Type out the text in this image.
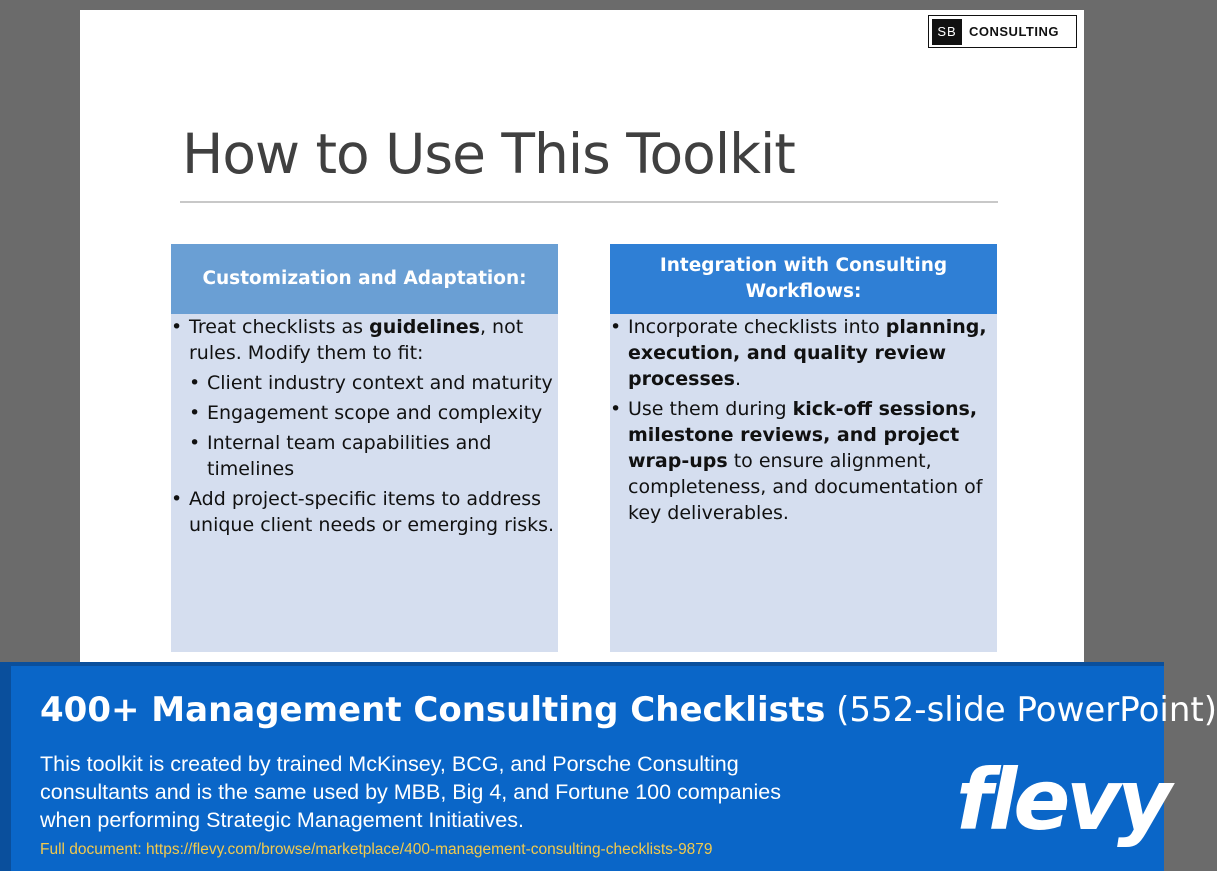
SB CONSULTING
How to Use This Toolkit
Customization and Adaptation:
• Treat checklists as guidelines, not rules. Modify them to fit:
• Client industry context and maturity
• Engagement scope and complexity
• Internal team capabilities and timelines
• Add project-specific items to address unique client needs or emerging risks.
Integration with Consulting Workflows:
• Incorporate checklists into planning, execution, and quality review processes.
• Use them during kick-off sessions, milestone reviews, and project wrap-ups to ensure alignment, completeness, and documentation of key deliverables.
400+ Management Consulting Checklists (552-slide PowerPoint)
This toolkit is created by trained McKinsey, BCG, and Porsche Consulting consultants and is the same used by MBB, Big 4, and Fortune 100 companies when performing Strategic Management Initiatives.
Full document: https://flevy.com/browse/marketplace/400-management-consulting-checklists-9879
flevy
